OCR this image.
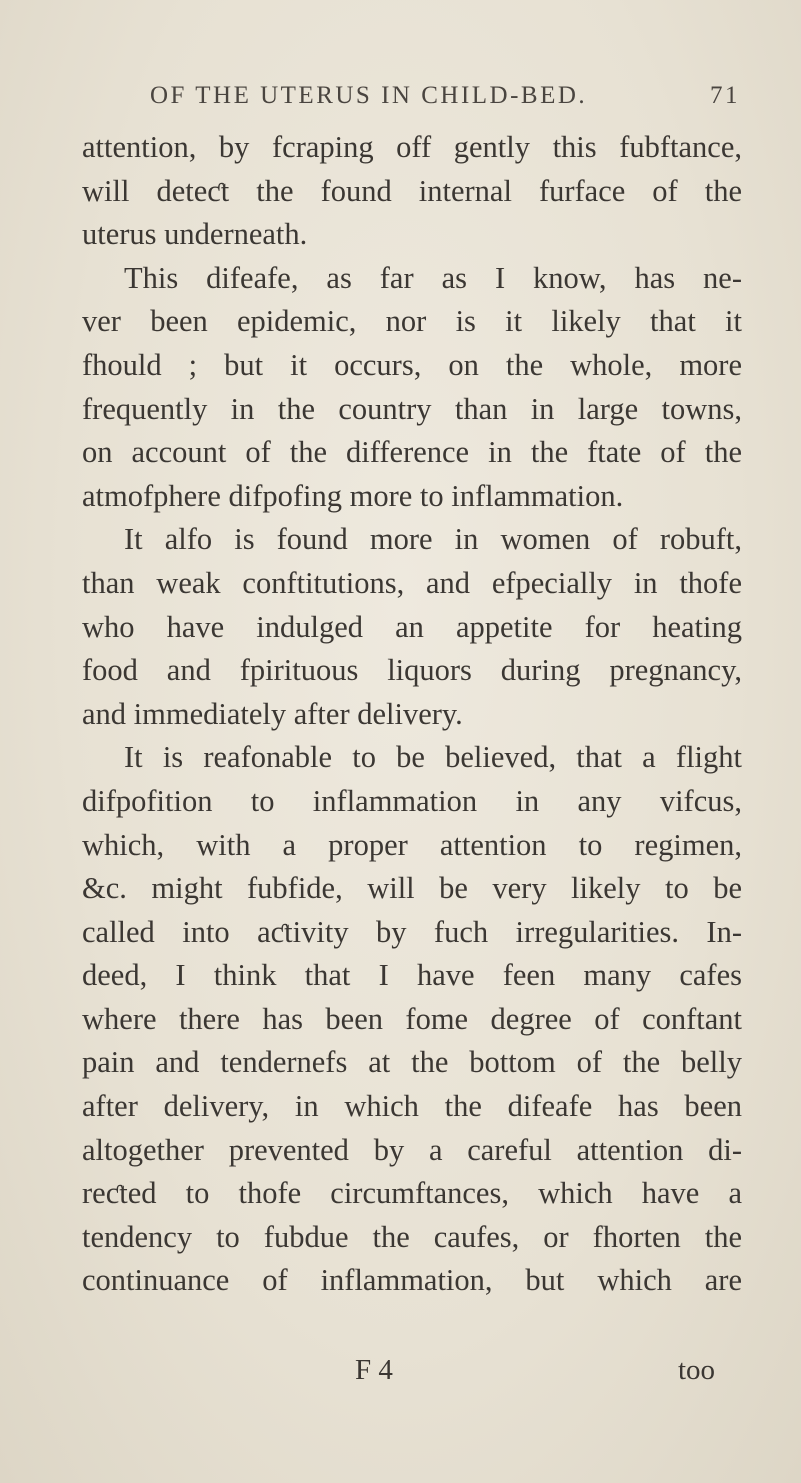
OF THE UTERUS IN CHILD-BED.	71
attention, by fcraping off gently this fubftance,
will deteƈt the found internal furface of the
uterus underneath.
This difeafe, as far as I know, has ne-
ver been epidemic, nor is it likely that it
fhould ; but it occurs, on the whole, more
frequently in the country than in large towns,
on account of the difference in the ftate of the
atmofphere difpofing more to inflammation.
It alfo is found more in women of robuft,
than weak conftitutions, and efpecially in thofe
who have indulged an appetite for heating
food and fpirituous liquors during pregnancy,
and immediately after delivery.
It is reafonable to be believed, that a flight
difpofition to inflammation in any vifcus,
which, with a proper attention to regimen,
&c. might fubfide, will be very likely to be
called into aƈtivity by fuch irregularities. In-
deed, I think that I have feen many cafes
where there has been fome degree of conftant
pain and tendernefs at the bottom of the belly
after delivery, in which the difeafe has been
altogether prevented by a careful attention di-
reƈted to thofe circumftances, which have a
tendency to fubdue the caufes, or fhorten the
continuance of inflammation, but which are
F 4	too
